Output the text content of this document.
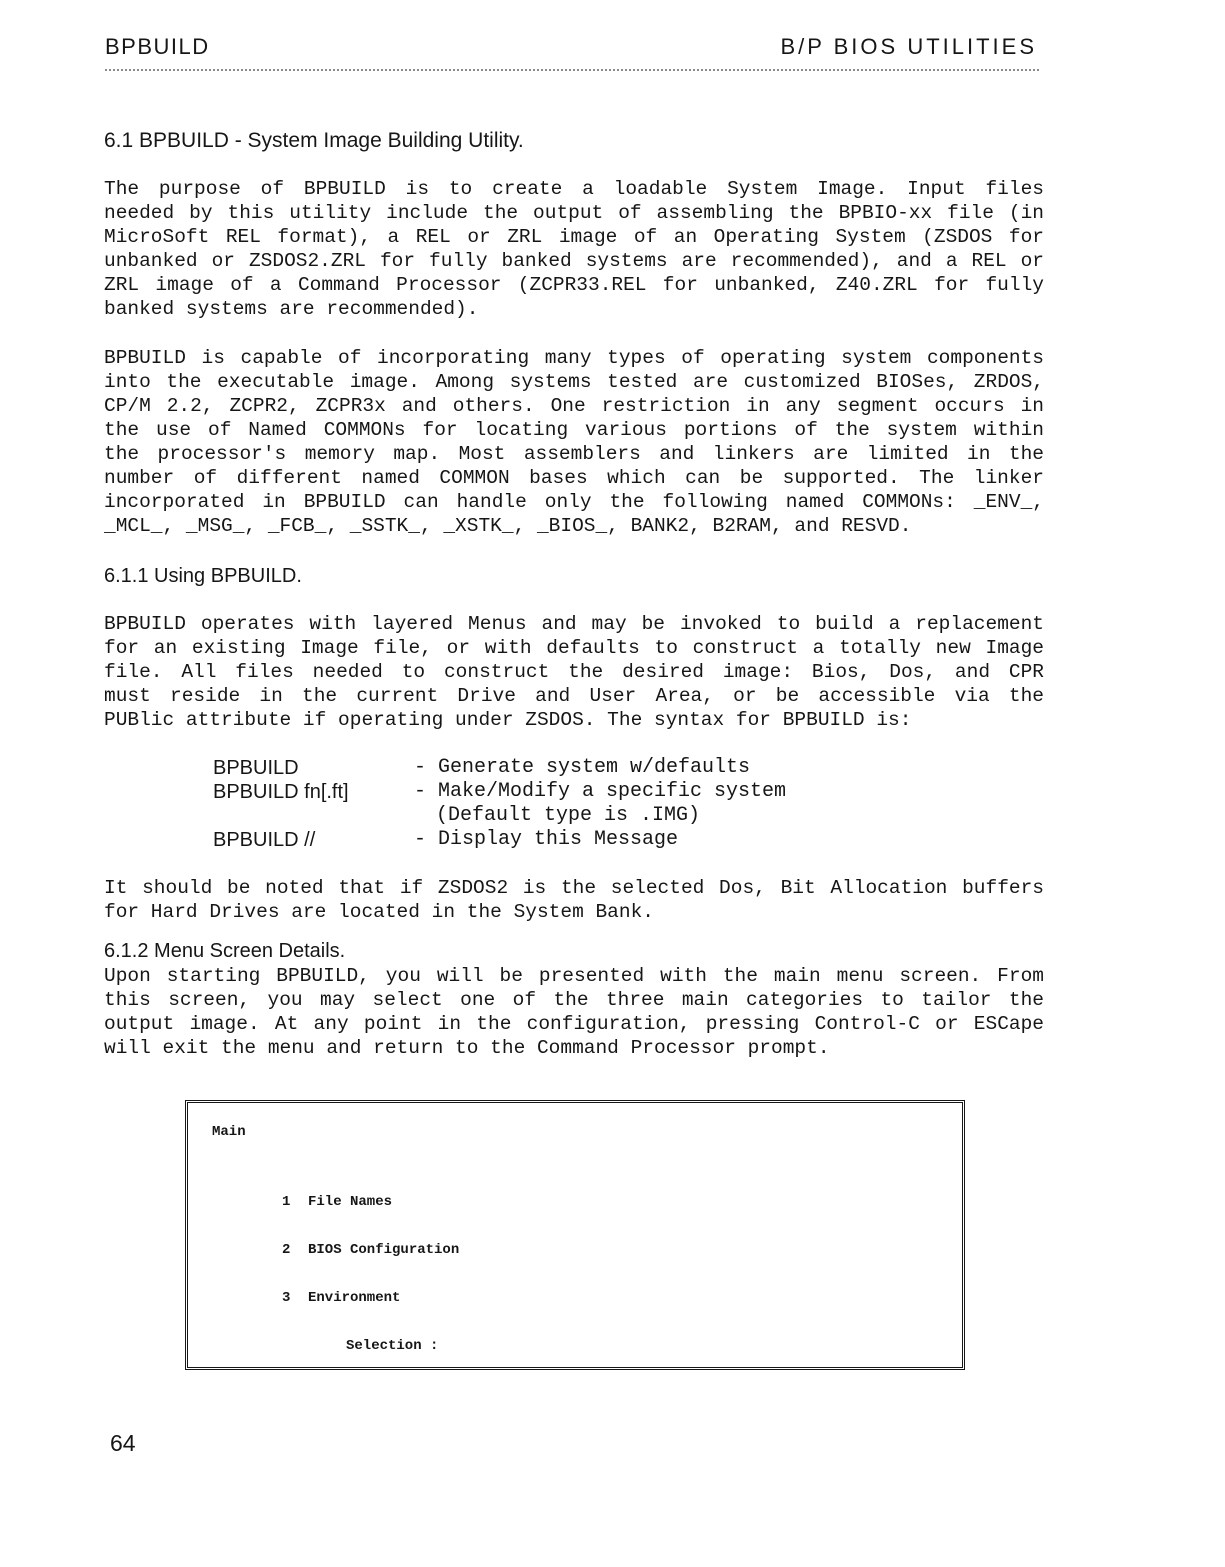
BPBUILD	B/P BIOS UTILITIES
6.1 BPBUILD - System Image Building Utility.
The purpose of BPBUILD is to create a loadable System Image. Input files
needed by this utility include the output of assembling the BPBIO-xx file (in
MicroSoft REL format), a REL or ZRL image of an Operating System (ZSDOS for
unbanked or ZSDOS2.ZRL for fully banked systems are recommended), and a REL or
ZRL image of a Command Processor (ZCPR33.REL for unbanked, Z40.ZRL for fully
banked systems are recommended).
BPBUILD is capable of incorporating many types of operating system components
into the executable image. Among systems tested are customized BIOSes, ZRDOS,
CP/M 2.2, ZCPR2, ZCPR3x and others. One restriction in any segment occurs in
the use of Named COMMONs for locating various portions of the system within
the processor's memory map. Most assemblers and linkers are limited in the
number of different named COMMON bases which can be supported. The linker
incorporated in BPBUILD can handle only the following named COMMONs: _ENV_,
_MCL_, _MSG_, _FCB_, _SSTK_, _XSTK_, _BIOS_, BANK2, B2RAM, and RESVD.
6.1.1 Using BPBUILD.
BPBUILD operates with layered Menus and may be invoked to build a replacement
for an existing Image file, or with defaults to construct a totally new Image
file. All files needed to construct the desired image: Bios, Dos, and CPR
must reside in the current Drive and User Area, or be accessible via the
PUBlic attribute if operating under ZSDOS. The syntax for BPBUILD is:
BPBUILD	- Generate system w/defaults
BPBUILD fn[.ft]	- Make/Modify a specific system
(Default type is .IMG)
BPBUILD //	- Display this Message
It should be noted that if ZSDOS2 is the selected Dos, Bit Allocation buffers
for Hard Drives are located in the System Bank.
6.1.2 Menu Screen Details.
Upon starting BPBUILD, you will be presented with the main menu screen. From
this screen, you may select one of the three main categories to tailor the
output image. At any point in the configuration, pressing Control-C or ESCape
will exit the menu and return to the Command Processor prompt.
Main
1 File Names
2 BIOS Configuration
3 Environment
Selection :
64
